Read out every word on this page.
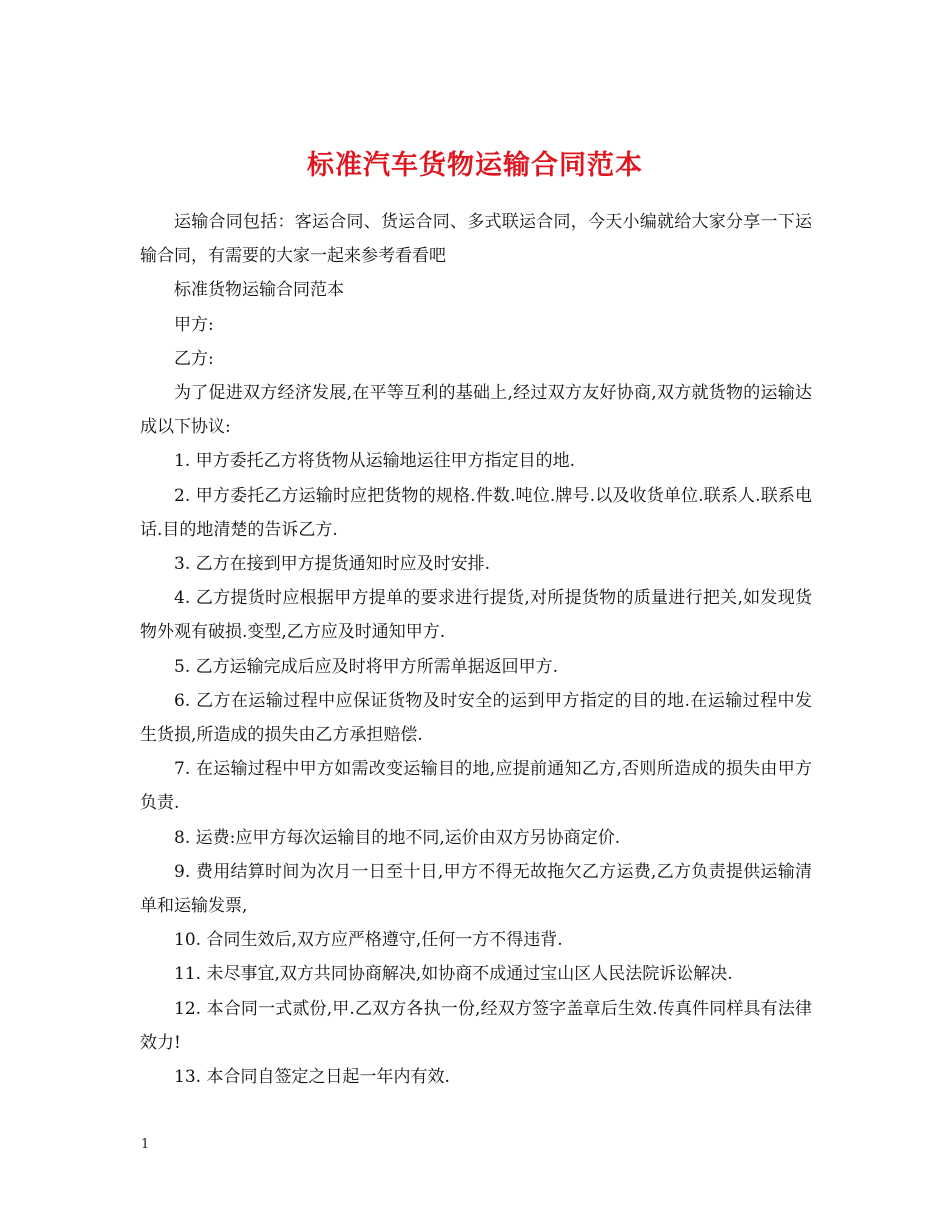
标准汽车货物运输合同范本

运输合同包括：客运合同、货运合同、多式联运合同，今天小编就给大家分享一下运输合同，有需要的大家一起来参考看看吧

标准货物运输合同范本

甲方:

乙方:

为了促进双方经济发展,在平等互利的基础上,经过双方友好协商,双方就货物的运输达成以下协议:

1. 甲方委托乙方将货物从运输地运往甲方指定目的地.

2. 甲方委托乙方运输时应把货物的规格.件数.吨位.牌号.以及收货单位.联系人.联系电话.目的地清楚的告诉乙方.

3. 乙方在接到甲方提货通知时应及时安排.

4. 乙方提货时应根据甲方提单的要求进行提货,对所提货物的质量进行把关,如发现货物外观有破损.变型,乙方应及时通知甲方.

5. 乙方运输完成后应及时将甲方所需单据返回甲方.

6. 乙方在运输过程中应保证货物及时安全的运到甲方指定的目的地.在运输过程中发生货损,所造成的损失由乙方承担赔偿.

7. 在运输过程中甲方如需改变运输目的地,应提前通知乙方,否则所造成的损失由甲方负责.

8. 运费:应甲方每次运输目的地不同,运价由双方另协商定价.

9. 费用结算时间为次月一日至十日,甲方不得无故拖欠乙方运费,乙方负责提供运输清单和运输发票,

10. 合同生效后,双方应严格遵守,任何一方不得违背.

11. 未尽事宜,双方共同协商解决,如协商不成通过宝山区人民法院诉讼解决.

12. 本合同一式贰份,甲.乙双方各执一份,经双方签字盖章后生效.传真件同样具有法律效力!

13. 本合同自签定之日起一年内有效.

1
